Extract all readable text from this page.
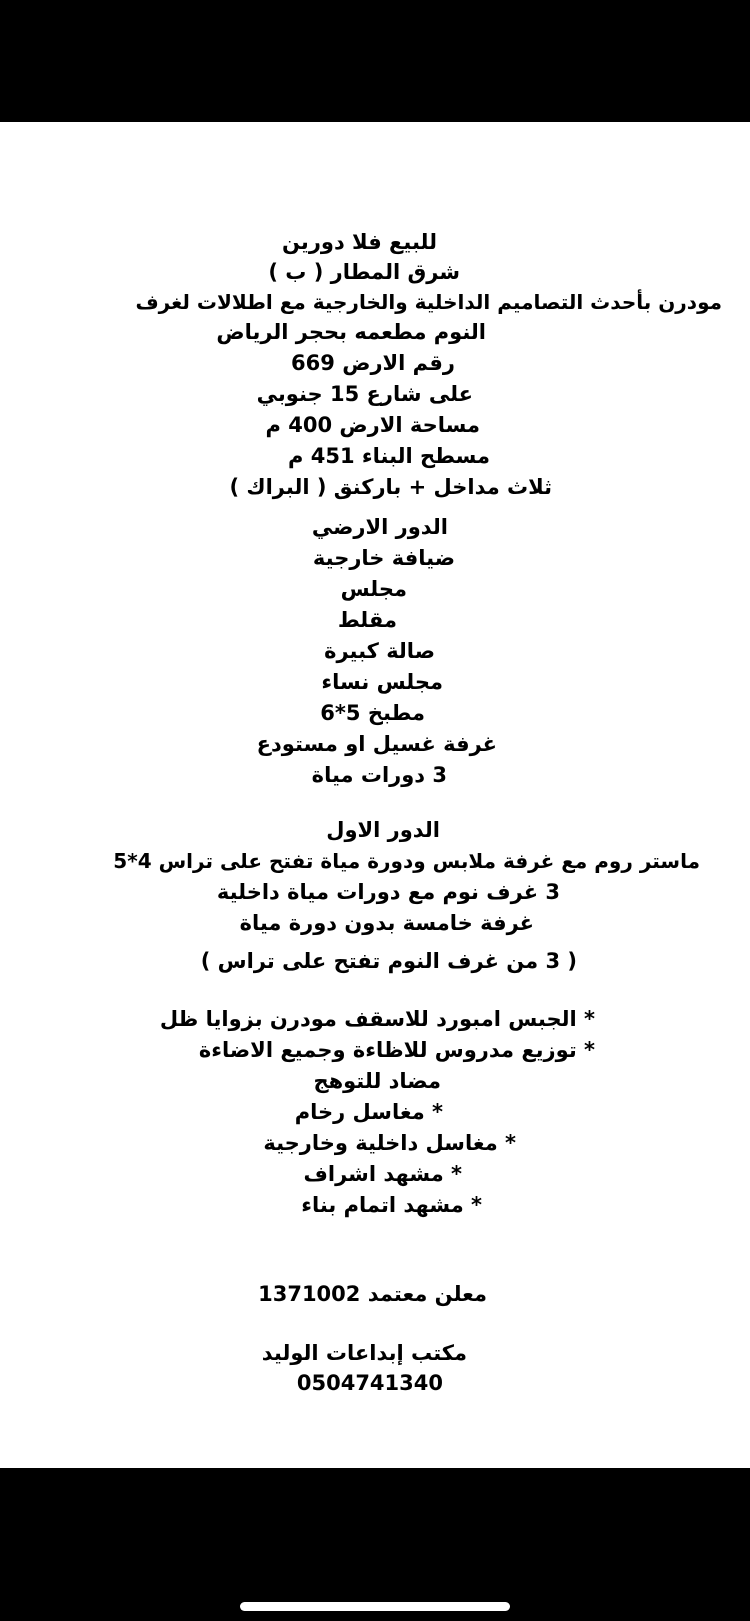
للبيع فلا دورين
شرق المطار ( ب )
مودرن بأحدث التصاميم الداخلية والخارجية مع اطلالات لغرف
النوم مطعمه بحجر الرياض
رقم الارض 669
على شارع 15 جنوبي
مساحة الارض 400 م
مسطح البناء 451 م
ثلاث مداخل + باركنق ( البراك )
الدور الارضي
ضيافة خارجية
مجلس
مقلط
صالة كبيرة
مجلس نساء
مطبخ 5*6
غرفة غسيل او مستودع
3 دورات مياة
الدور الاول
ماستر روم مع غرفة ملابس ودورة مياة تفتح على تراس 4*5
3 غرف نوم مع دورات مياة داخلية
غرفة خامسة بدون دورة مياة
( 3 من غرف النوم تفتح على تراس )
* الجبس امبورد للاسقف مودرن بزوايا ظل
* توزيع مدروس للاظاءة وجميع الاضاءة
مضاد للتوهج
* مغاسل رخام
* مغاسل داخلية وخارجية
* مشهد اشراف
* مشهد اتمام بناء
معلن معتمد 1371002
مكتب إبداعات الوليد
0504741340
